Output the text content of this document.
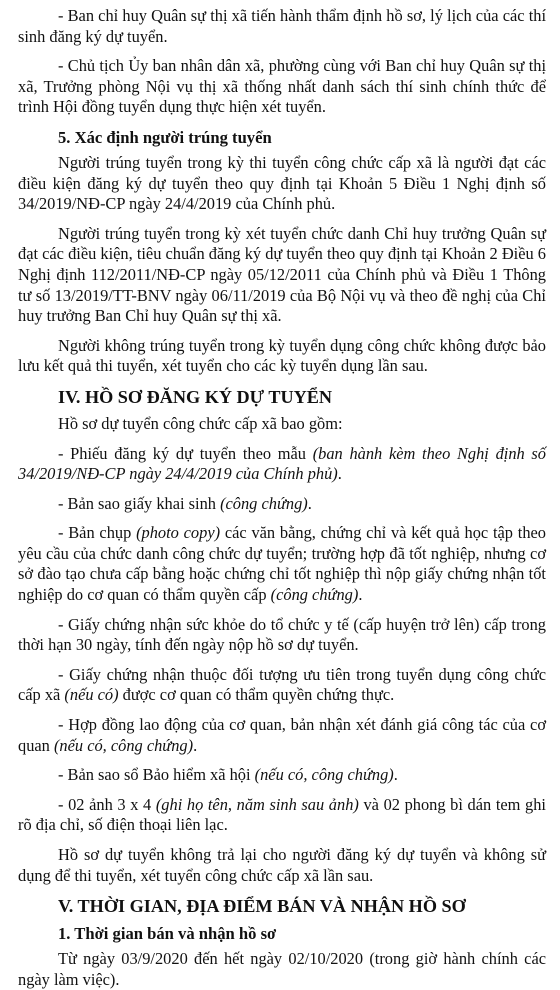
- Ban chỉ huy Quân sự thị xã tiến hành thẩm định hồ sơ, lý lịch của các thí sinh đăng ký dự tuyển.

- Chủ tịch Ủy ban nhân dân xã, phường cùng với Ban chỉ huy Quân sự thị xã, Trưởng phòng Nội vụ thị xã thống nhất danh sách thí sinh chính thức để trình Hội đồng tuyển dụng thực hiện xét tuyển.

5. Xác định người trúng tuyển

Người trúng tuyển trong kỳ thi tuyển công chức cấp xã là người đạt các điều kiện đăng ký dự tuyển theo quy định tại Khoản 5 Điều 1 Nghị định số 34/2019/NĐ-CP ngày 24/4/2019 của Chính phủ.

Người trúng tuyển trong kỳ xét tuyển chức danh Chỉ huy trưởng Quân sự đạt các điều kiện, tiêu chuẩn đăng ký dự tuyển theo quy định tại Khoản 2 Điều 6 Nghị định 112/2011/NĐ-CP ngày 05/12/2011 của Chính phủ và Điều 1 Thông tư số 13/2019/TT-BNV ngày 06/11/2019 của Bộ Nội vụ và theo đề nghị của Chỉ huy trưởng Ban Chỉ huy Quân sự thị xã.

Người không trúng tuyển trong kỳ tuyển dụng công chức không được bảo lưu kết quả thi tuyển, xét tuyển cho các kỳ tuyển dụng lần sau.

IV. HỒ SƠ ĐĂNG KÝ DỰ TUYỂN

Hồ sơ dự tuyển công chức cấp xã bao gồm:

- Phiếu đăng ký dự tuyển theo mẫu (ban hành kèm theo Nghị định số 34/2019/NĐ-CP ngày 24/4/2019 của Chính phủ).

- Bản sao giấy khai sinh (công chứng).

- Bản chụp (photo copy) các văn bằng, chứng chỉ và kết quả học tập theo yêu cầu của chức danh công chức dự tuyển; trường hợp đã tốt nghiệp, nhưng cơ sở đào tạo chưa cấp bằng hoặc chứng chỉ tốt nghiệp thì nộp giấy chứng nhận tốt nghiệp do cơ quan có thẩm quyền cấp (công chứng).

- Giấy chứng nhận sức khỏe do tổ chức y tế (cấp huyện trở lên) cấp trong thời hạn 30 ngày, tính đến ngày nộp hồ sơ dự tuyển.

- Giấy chứng nhận thuộc đối tượng ưu tiên trong tuyển dụng công chức cấp xã (nếu có) được cơ quan có thẩm quyền chứng thực.

- Hợp đồng lao động của cơ quan, bản nhận xét đánh giá công tác của cơ quan (nếu có, công chứng).

- Bản sao sổ Bảo hiểm xã hội (nếu có, công chứng).

- 02 ảnh 3 x 4 (ghi họ tên, năm sinh sau ảnh) và 02 phong bì dán tem ghi rõ địa chỉ, số điện thoại liên lạc.

Hồ sơ dự tuyển không trả lại cho người đăng ký dự tuyển và không sử dụng để thi tuyển, xét tuyển công chức cấp xã lần sau.

V. THỜI GIAN, ĐỊA ĐIỂM BÁN VÀ NHẬN HỒ SƠ
1. Thời gian bán và nhận hồ sơ

Từ ngày 03/9/2020 đến hết ngày 02/10/2020 (trong giờ hành chính các ngày làm việc).
